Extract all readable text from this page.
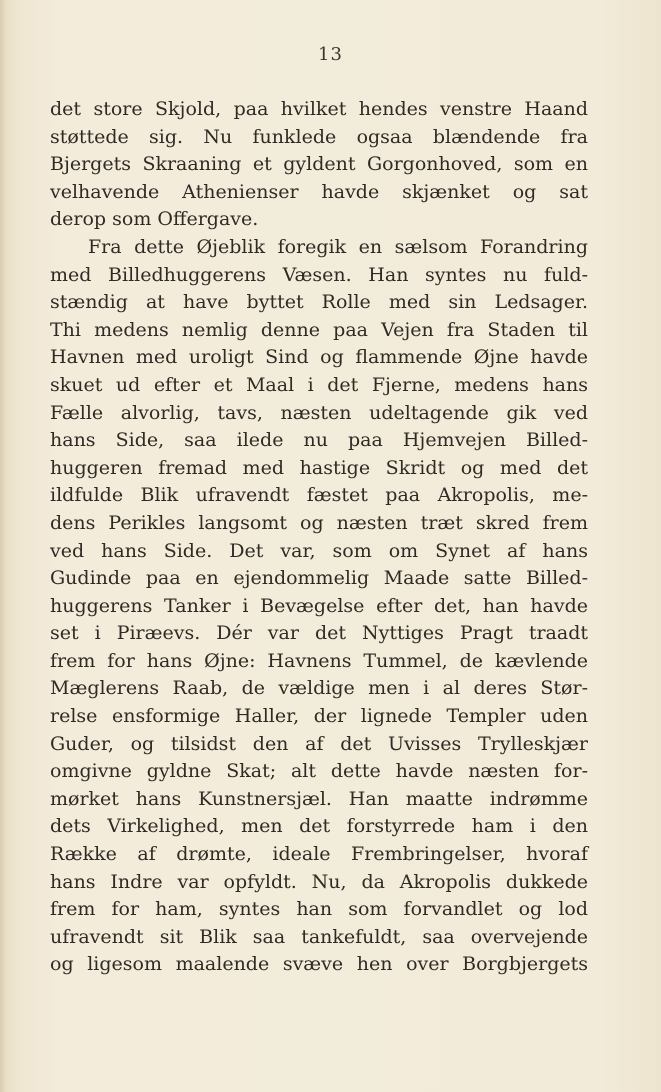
13
det store Skjold, paa hvilket hendes venstre Haand
støttede sig. Nu funklede ogsaa blændende fra
Bjergets Skraaning et gyldent Gorgonhoved, som en
velhavende Athenienser havde skjænket og sat
derop som Offergave.
Fra dette Øjeblik foregik en sælsom Forandring
med Billedhuggerens Væsen. Han syntes nu fuld-
stændig at have byttet Rolle med sin Ledsager.
Thi medens nemlig denne paa Vejen fra Staden til
Havnen med uroligt Sind og flammende Øjne havde
skuet ud efter et Maal i det Fjerne, medens hans
Fælle alvorlig, tavs, næsten udeltagende gik ved
hans Side, saa ilede nu paa Hjemvejen Billed-
huggeren fremad med hastige Skridt og med det
ildfulde Blik ufravendt fæstet paa Akropolis, me-
dens Perikles langsomt og næsten træt skred frem
ved hans Side. Det var, som om Synet af hans
Gudinde paa en ejendommelig Maade satte Billed-
huggerens Tanker i Bevægelse efter det, han havde
set i Piræevs. Dér var det Nyttiges Pragt traadt
frem for hans Øjne: Havnens Tummel, de kævlende
Mæglerens Raab, de vældige men i al deres Stør-
relse ensformige Haller, der lignede Templer uden
Guder, og tilsidst den af det Uvisses Trylleskjær
omgivne gyldne Skat; alt dette havde næsten for-
mørket hans Kunstnersjæl. Han maatte indrømme
dets Virkelighed, men det forstyrrede ham i den
Række af drømte, ideale Frembringelser, hvoraf
hans Indre var opfyldt. Nu, da Akropolis dukkede
frem for ham, syntes han som forvandlet og lod
ufravendt sit Blik saa tankefuldt, saa overvejende
og ligesom maalende svæve hen over Borgbjergets
